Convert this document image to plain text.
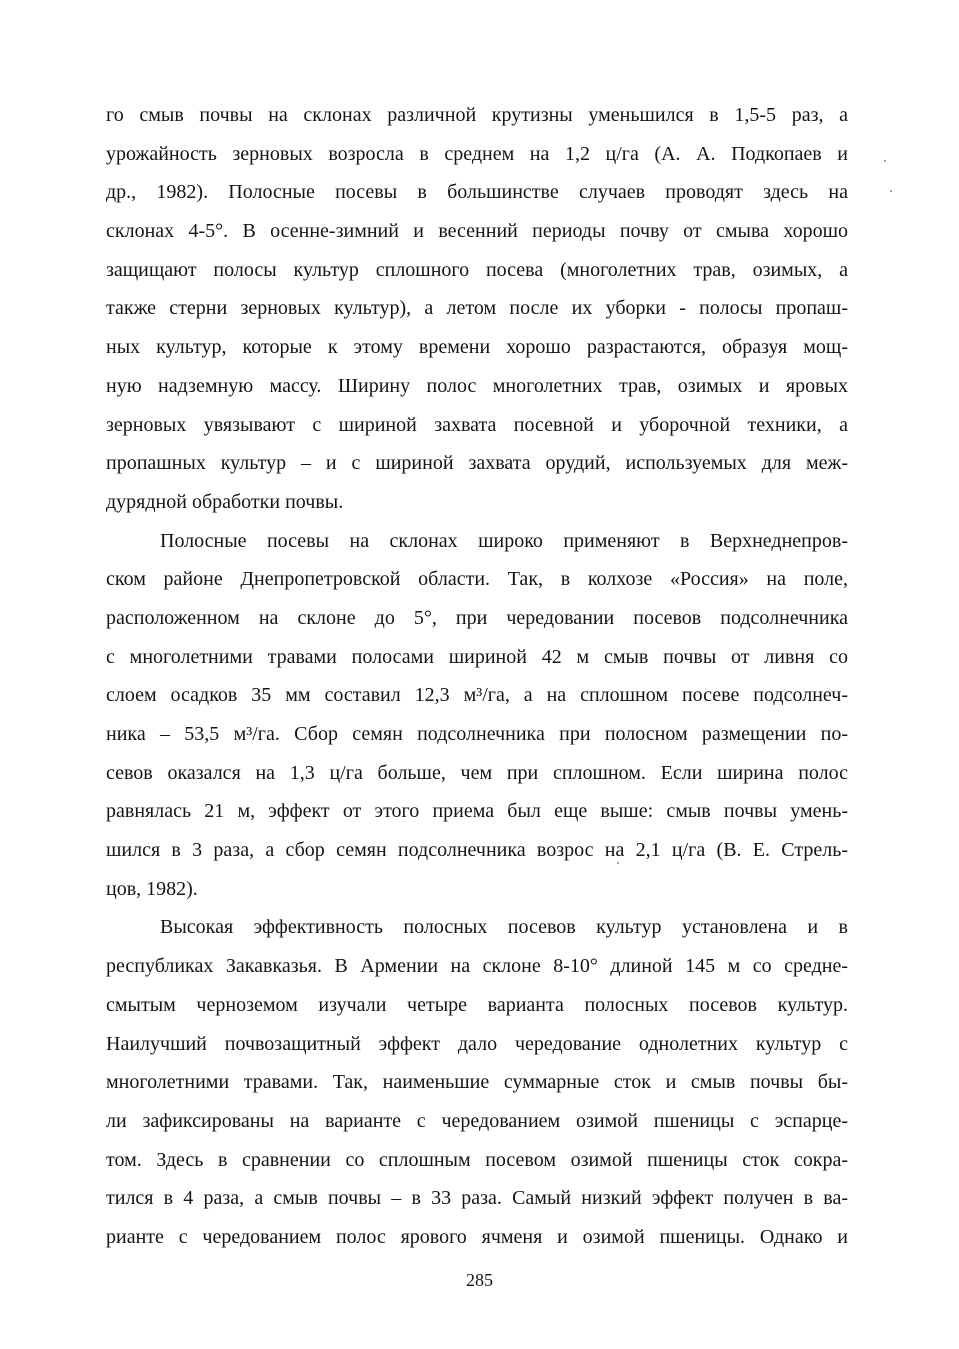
го смыв почвы на склонах различной крутизны уменьшился в 1,5-5 раз, а
урожайность зерновых возросла в среднем на 1,2 ц/га (А. А. Подкопаев и
др., 1982). Полосные посевы в большинстве случаев проводят здесь на
склонах 4-5°. В осенне-зимний и весенний периоды почву от смыва хорошо
защищают полосы культур сплошного посева (многолетних трав, озимых, а
также стерни зерновых культур), а летом после их уборки - полосы пропаш-
ных культур, которые к этому времени хорошо разрастаются, образуя мощ-
ную надземную массу. Ширину полос многолетних трав, озимых и яровых
зерновых увязывают с шириной захвата посевной и уборочной техники, а
пропашных культур – и с шириной захвата орудий, используемых для меж-
дурядной обработки почвы.
Полосные посевы на склонах широко применяют в Верхнеднепров-
ском районе Днепропетровской области. Так, в колхозе «Россия» на поле,
расположенном на склоне до 5°, при чередовании посевов подсолнечника
с многолетними травами полосами шириной 42 м смыв почвы от ливня со
слоем осадков 35 мм составил 12,3 м³/га, а на сплошном посеве подсолнеч-
ника – 53,5 м³/га. Сбор семян подсолнечника при полосном размещении по-
севов оказался на 1,3 ц/га больше, чем при сплошном. Если ширина полос
равнялась 21 м, эффект от этого приема был еще выше: смыв почвы умень-
шился в 3 раза, а сбор семян подсолнечника возрос на 2,1 ц/га (В. Е. Стрель-
цов, 1982).
Высокая эффективность полосных посевов культур установлена и в
республиках Закавказья. В Армении на склоне 8-10° длиной 145 м со средне-
смытым черноземом изучали четыре варианта полосных посевов культур.
Наилучший почвозащитный эффект дало чередование однолетних культур с
многолетними травами. Так, наименьшие суммарные сток и смыв почвы бы-
ли зафиксированы на варианте с чередованием озимой пшеницы с эспарце-
том. Здесь в сравнении со сплошным посевом озимой пшеницы сток сокра-
тился в 4 раза, а смыв почвы – в 33 раза. Самый низкий эффект получен в ва-
рианте с чередованием полос ярового ячменя и озимой пшеницы. Однако и
285
